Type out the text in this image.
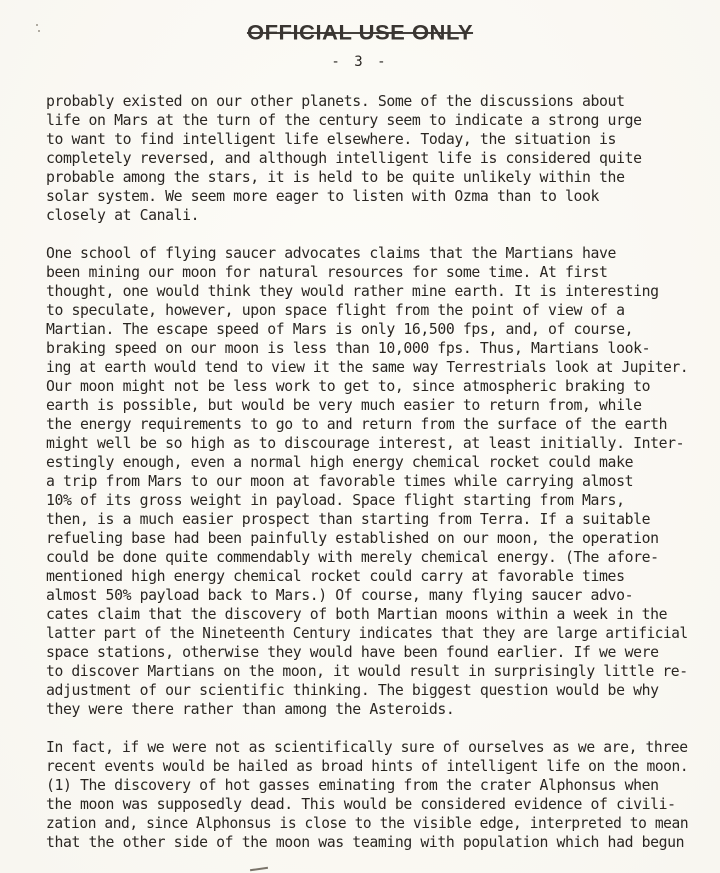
OFFICIAL USE ONLY
- 3 -
probably existed on our other planets. Some of the discussions about
life on Mars at the turn of the century seem to indicate a strong urge
to want to find intelligent life elsewhere. Today, the situation is
completely reversed, and although intelligent life is considered quite
probable among the stars, it is held to be quite unlikely within the
solar system. We seem more eager to listen with Ozma than to look
closely at Canali.
One school of flying saucer advocates claims that the Martians have
been mining our moon for natural resources for some time. At first
thought, one would think they would rather mine earth. It is interesting
to speculate, however, upon space flight from the point of view of a
Martian. The escape speed of Mars is only 16,500 fps, and, of course,
braking speed on our moon is less than 10,000 fps. Thus, Martians look-
ing at earth would tend to view it the same way Terrestrials look at Jupiter.
Our moon might not be less work to get to, since atmospheric braking to
earth is possible, but would be very much easier to return from, while
the energy requirements to go to and return from the surface of the earth
might well be so high as to discourage interest, at least initially. Inter-
estingly enough, even a normal high energy chemical rocket could make
a trip from Mars to our moon at favorable times while carrying almost
10% of its gross weight in payload. Space flight starting from Mars,
then, is a much easier prospect than starting from Terra. If a suitable
refueling base had been painfully established on our moon, the operation
could be done quite commendably with merely chemical energy. (The afore-
mentioned high energy chemical rocket could carry at favorable times
almost 50% payload back to Mars.) Of course, many flying saucer advo-
cates claim that the discovery of both Martian moons within a week in the
latter part of the Nineteenth Century indicates that they are large artificial
space stations, otherwise they would have been found earlier. If we were
to discover Martians on the moon, it would result in surprisingly little re-
adjustment of our scientific thinking. The biggest question would be why
they were there rather than among the Asteroids.
In fact, if we were not as scientifically sure of ourselves as we are, three
recent events would be hailed as broad hints of intelligent life on the moon.
(1) The discovery of hot gasses eminating from the crater Alphonsus when
the moon was supposedly dead. This would be considered evidence of civili-
zation and, since Alphonsus is close to the visible edge, interpreted to mean
that the other side of the moon was teaming with population which had begun
